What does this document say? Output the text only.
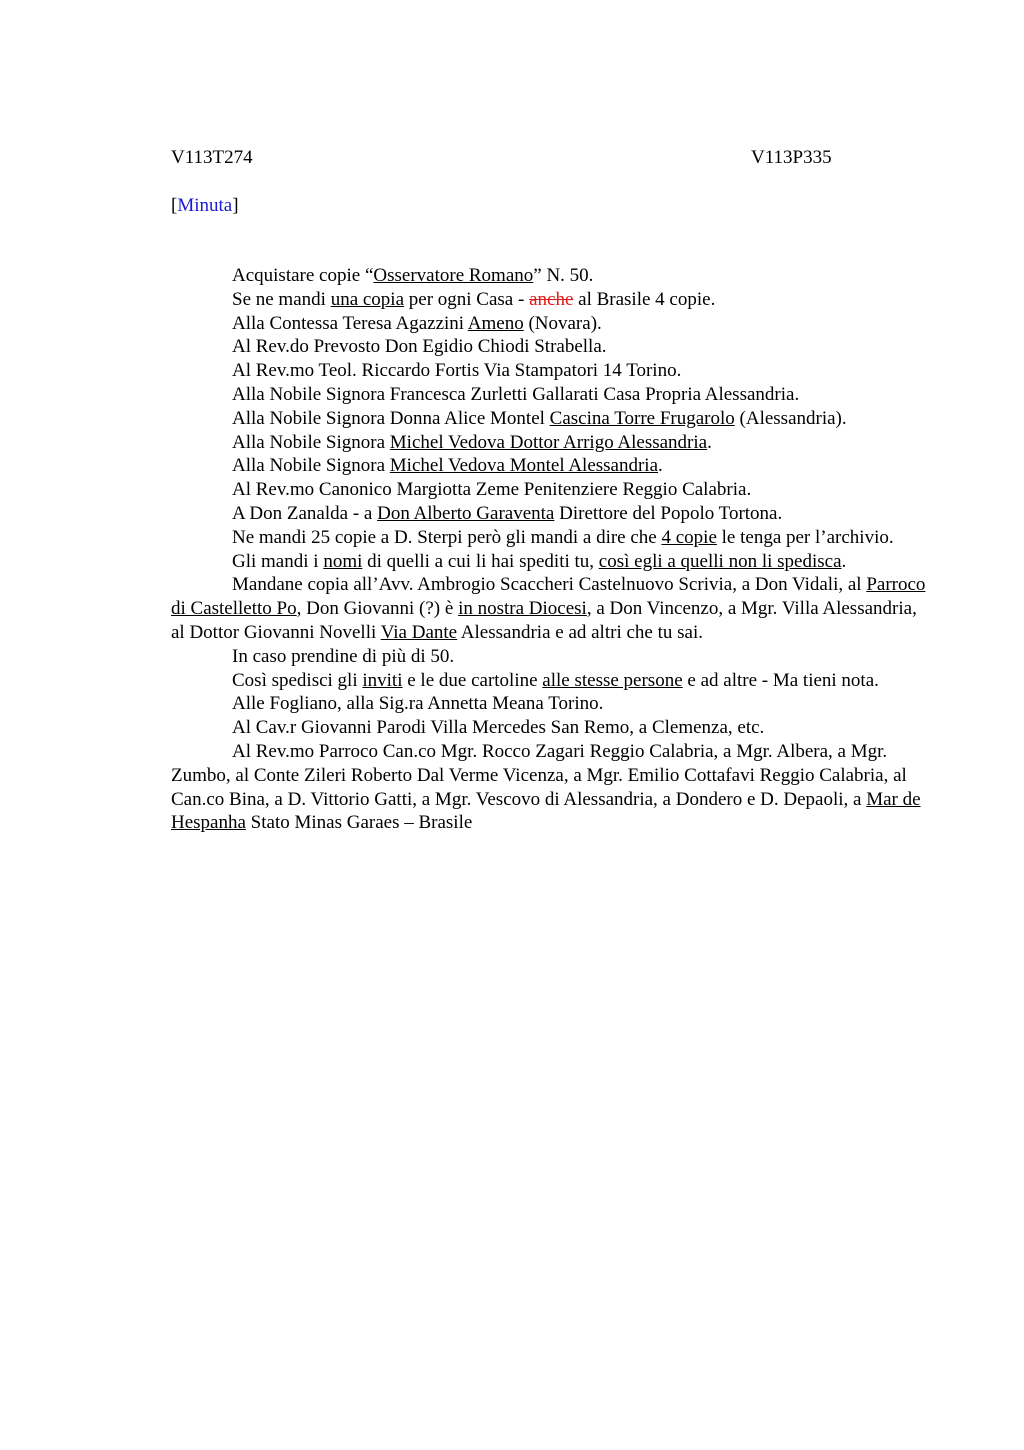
V113T274	V113P335
[Minuta]

Acquistare copie “Osservatore Romano” N. 50.

Se ne mandi una copia per ogni Casa - anche al Brasile 4 copie.

Alla Contessa Teresa Agazzini Ameno (Novara).

Al Rev.do Prevosto Don Egidio Chiodi Strabella.

Al Rev.mo Teol. Riccardo Fortis Via Stampatori 14 Torino.

Alla Nobile Signora Francesca Zurletti Gallarati Casa Propria Alessandria.

Alla Nobile Signora Donna Alice Montel Cascina Torre Frugarolo (Alessandria).

Alla Nobile Signora Michel Vedova Dottor Arrigo Alessandria.

Alla Nobile Signora Michel Vedova Montel Alessandria.

Al Rev.mo Canonico Margiotta Zeme Penitenziere Reggio Calabria.

A Don Zanalda - a Don Alberto Garaventa Direttore del Popolo Tortona.

Ne mandi 25 copie a D. Sterpi però gli mandi a dire che 4 copie le tenga per l’archivio.

Gli mandi i nomi di quelli a cui li hai spediti tu, così egli a quelli non li spedisca.

Mandane copia all’Avv. Ambrogio Scaccheri Castelnuovo Scrivia, a Don Vidali, al Parroco di Castelletto Po, Don Giovanni (?) è in nostra Diocesi, a Don Vincenzo, a Mgr. Villa Alessandria, al Dottor Giovanni Novelli Via Dante Alessandria e ad altri che tu sai.

In caso prendine di più di 50.

Così spedisci gli inviti e le due cartoline alle stesse persone e ad altre - Ma tieni nota.

Alle Fogliano, alla Sig.ra Annetta Meana Torino.

Al Cav.r Giovanni Parodi Villa Mercedes San Remo, a Clemenza, etc.

Al Rev.mo Parroco Can.co Mgr. Rocco Zagari Reggio Calabria, a Mgr. Albera, a Mgr. Zumbo, al Conte Zileri Roberto Dal Verme Vicenza, a Mgr. Emilio Cottafavi Reggio Calabria, al Can.co Bina, a D. Vittorio Gatti, a Mgr. Vescovo di Alessandria, a Dondero e D. Depaoli, a Mar de Hespanha Stato Minas Garaes – Brasile
